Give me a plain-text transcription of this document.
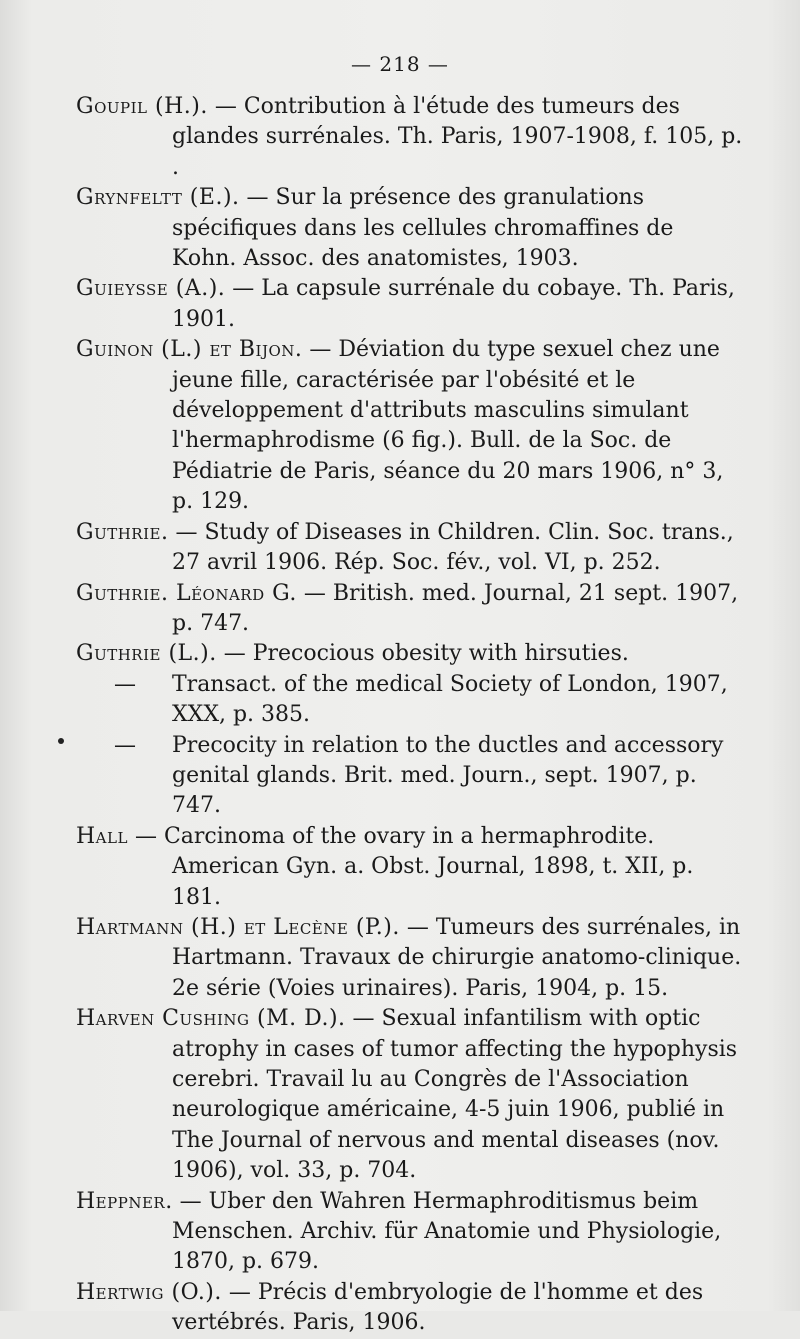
— 218 —

Goupil (H.). — Contribution à l'étude des tumeurs des glandes surrénales. Th. Paris, 1907-1908, f. 105, p. .

Grynfeltt (E.). — Sur la présence des granulations spécifiques dans les cellules chromaffines de Kohn. Assoc. des anatomistes, 1903.

Guieysse (A.). — La capsule surrénale du cobaye. Th. Paris, 1901.

Guinon (L.) et Bijon. — Déviation du type sexuel chez une jeune fille, caractérisée par l'obésité et le développement d'attributs masculins simulant l'hermaphrodisme (6 fig.). Bull. de la Soc. de Pédiatrie de Paris, séance du 20 mars 1906, n° 3, p. 129.

Guthrie. — Study of Diseases in Children. Clin. Soc. trans., 27 avril 1906. Rép. Soc. fév., vol. VI, p. 252.

Guthrie. Léonard G. — British. med. Journal, 21 sept. 1907, p. 747.

Guthrie (L.). — Precocious obesity with hirsuties.

— Transact. of the medical Society of London, 1907, XXX, p. 385.

— Precocity in relation to the ductles and accessory genital glands. Brit. med. Journ., sept. 1907, p. 747.

Hall — Carcinoma of the ovary in a hermaphrodite. American Gyn. a. Obst. Journal, 1898, t. XII, p. 181.

Hartmann (H.) et Lecène (P.). — Tumeurs des surrénales, in Hartmann. Travaux de chirurgie anatomo-clinique. 2e série (Voies urinaires). Paris, 1904, p. 15.

Harven Cushing (M. D.). — Sexual infantilism with optic atrophy in cases of tumor affecting the hypophysis cerebri. Travail lu au Congrès de l'Association neurologique américaine, 4-5 juin 1906, publié in The Journal of nervous and mental diseases (nov. 1906), vol. 33, p. 704.

Heppner. — Uber den Wahren Hermaphroditismus beim Menschen. Archiv. für Anatomie und Physiologie, 1870, p. 679.

Hertwig (O.). — Précis d'embryologie de l'homme et des vertébrés. Paris, 1906.
